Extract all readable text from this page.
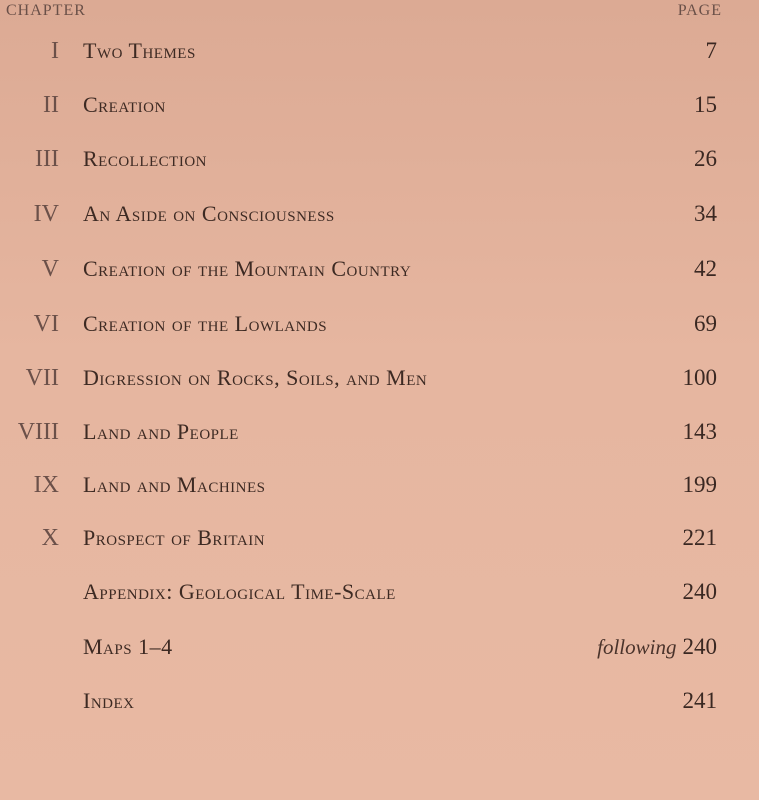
CHAPTER	PAGE
I Two Themes	7
II Creation	15
III Recollection	26
IV An Aside on Consciousness	34
V Creation of the Mountain Country	42
VI Creation of the Lowlands	69
VII Digression on Rocks, Soils, and Men	100
VIII Land and People	143
IX Land and Machines	199
X Prospect of Britain	221
Appendix: Geological Time-Scale	240
Maps 1–4	following 240
Index	241
